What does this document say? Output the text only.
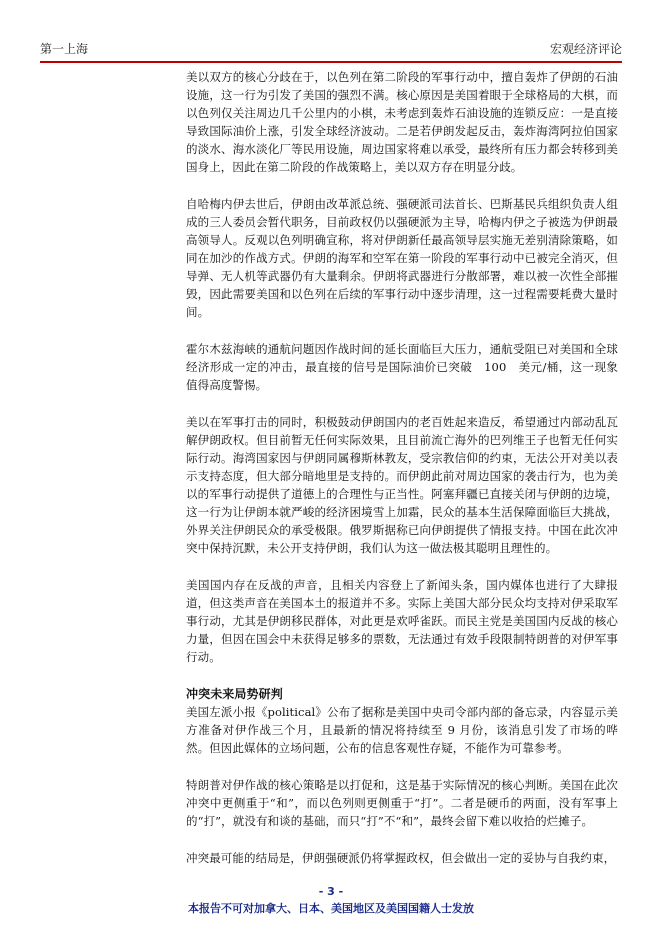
第一上海	宏观经济评论

美以双方的核心分歧在于，以色列在第二阶段的军事行动中，擅自轰炸了伊朗的石油设施，这一行为引发了美国的强烈不满。核心原因是美国着眼于全球格局的大棋，而以色列仅关注周边几千公里内的小棋，未考虑到轰炸石油设施的连锁反应：一是直接导致国际油价上涨，引发全球经济波动。二是若伊朗发起反击，轰炸海湾阿拉伯国家的淡水、海水淡化厂等民用设施，周边国家将难以承受，最终所有压力都会转移到美国身上，因此在第二阶段的作战策略上，美以双方存在明显分歧。

自哈梅内伊去世后，伊朗由改革派总统、强硬派司法首长、巴斯基民兵组织负责人组成的三人委员会暂代职务，目前政权仍以强硬派为主导，哈梅内伊之子被选为伊朗最高领导人。反观以色列明确宣称，将对伊朗新任最高领导层实施无差别清除策略，如同在加沙的作战方式。伊朗的海军和空军在第一阶段的军事行动中已被完全消灭，但导弹、无人机等武器仍有大量剩余。伊朗将武器进行分散部署，难以被一次性全部摧毁，因此需要美国和以色列在后续的军事行动中逐步清理，这一过程需要耗费大量时间。

霍尔木兹海峡的通航问题因作战时间的延长面临巨大压力，通航受阻已对美国和全球经济形成一定的冲击，最直接的信号是国际油价已突破　100　美元/桶，这一现象值得高度警惕。

美以在军事打击的同时，积极鼓动伊朗国内的老百姓起来造反，希望通过内部动乱瓦解伊朗政权。但目前暂无任何实际效果，且目前流亡海外的巴列维王子也暂无任何实际行动。海湾国家因与伊朗同属穆斯林教友，受宗教信仰的约束，无法公开对美以表示支持态度，但大部分暗地里是支持的。而伊朗此前对周边国家的袭击行为，也为美以的军事行动提供了道德上的合理性与正当性。阿塞拜疆已直接关闭与伊朗的边境，这一行为让伊朗本就严峻的经济困境雪上加霜，民众的基本生活保障面临巨大挑战，外界关注伊朗民众的承受极限。俄罗斯据称已向伊朗提供了情报支持。中国在此次冲突中保持沉默，未公开支持伊朗，我们认为这一做法极其聪明且理性的。

美国国内存在反战的声音，且相关内容登上了新闻头条，国内媒体也进行了大肆报道，但这类声音在美国本土的报道并不多。实际上美国大部分民众均支持对伊采取军事行动，尤其是伊朗移民群体，对此更是欢呼雀跃。而民主党是美国国内反战的核心力量，但因在国会中未获得足够多的票数，无法通过有效手段限制特朗普的对伊军事行动。

冲突未来局势研判

美国左派小报《political》公布了据称是美国中央司令部内部的备忘录，内容显示美方准备对伊作战三个月，且最新的情况将持续至 9 月份，该消息引发了市场的哗然。但因此媒体的立场问题，公布的信息客观性存疑，不能作为可靠参考。

特朗普对伊作战的核心策略是以打促和，这是基于实际情况的核心判断。美国在此次冲突中更侧重于“和”，而以色列则更侧重于“打”。二者是硬币的两面，没有军事上的“打”，就没有和谈的基础，而只“打”不“和”，最终会留下难以收拾的烂摊子。

冲突最可能的结局是，伊朗强硬派仍将掌握政权，但会做出一定的妥协与自我约束，

- 3 -
本报告不可对加拿大、日本、美国地区及美国国籍人士发放
